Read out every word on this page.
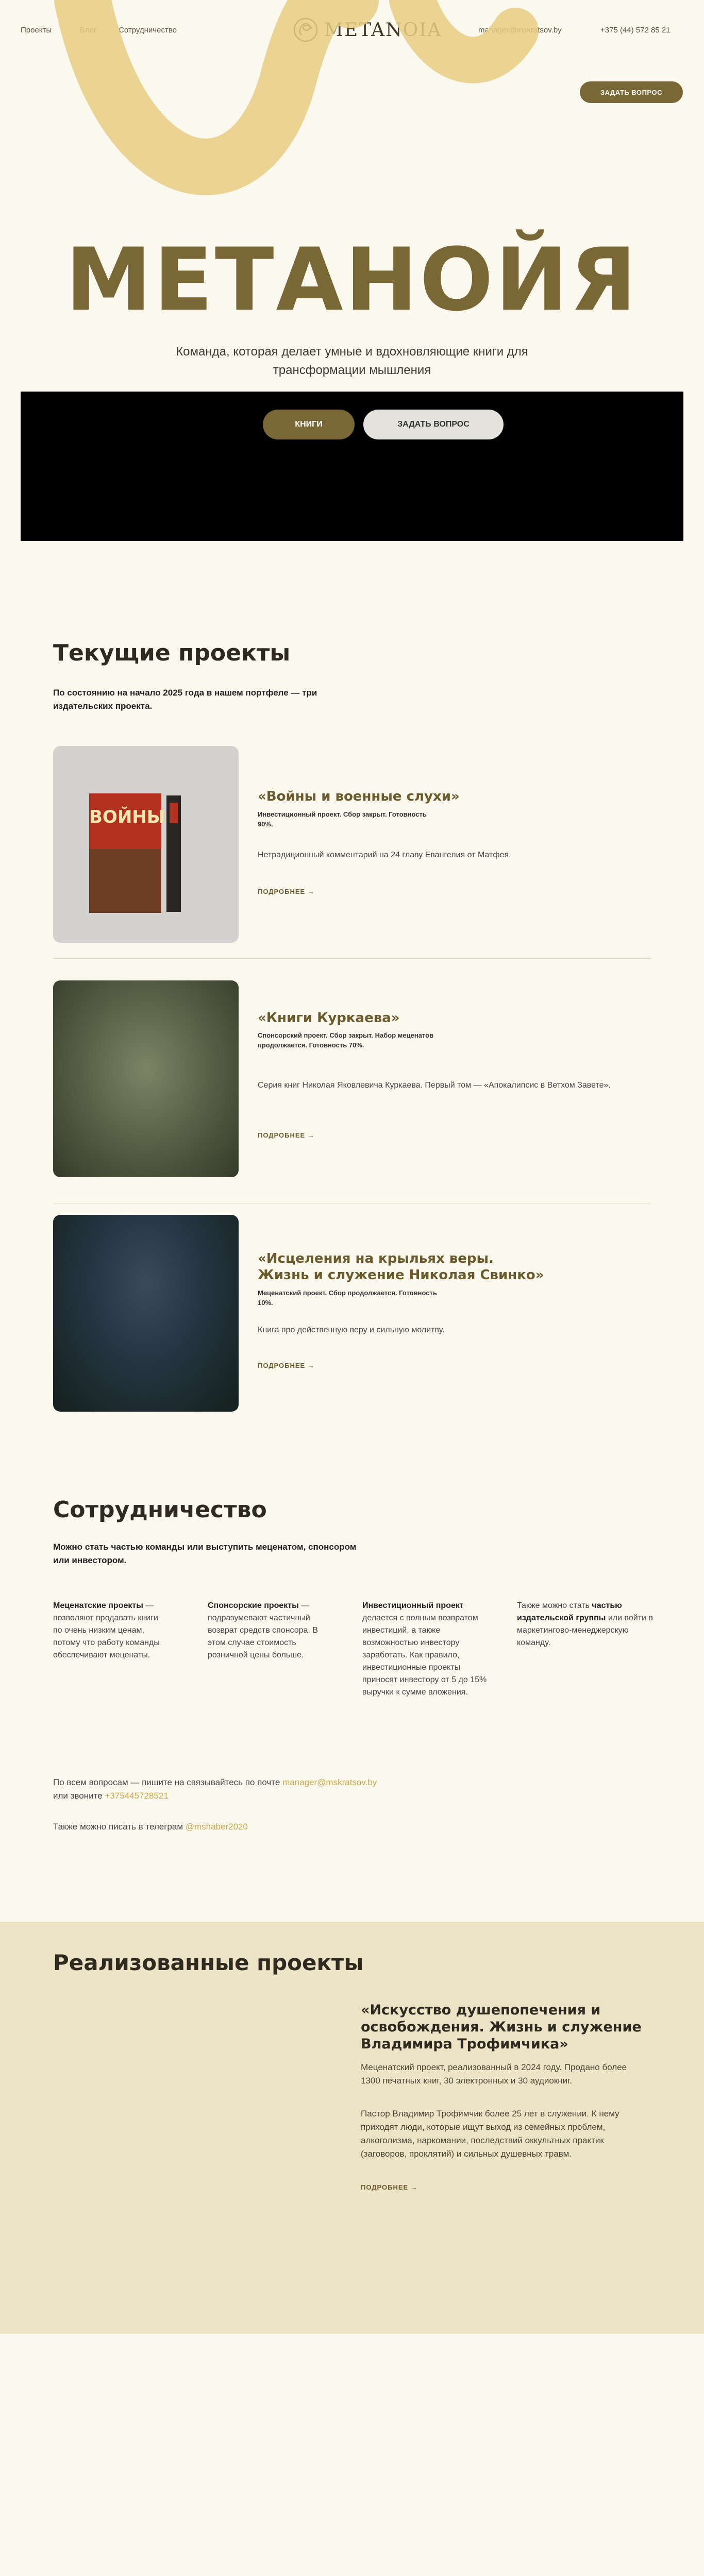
Проекты	Блог	Сотрудничество	METANOIA	manager@mskratsov.by	+375 (44) 572 85 21
ЗАДАТЬ ВОПРОС
МЕТАНОЙЯ
Команда, которая делает умные и вдохновляющие книги для трансформации мышления
КНИГИ	ЗАДАТЬ ВОПРОС
Текущие проекты
По состоянию на начало 2025 года в нашем портфеле — три издательских проекта.
ВОЙНЫ
«Войны и военные слухи»
Инвестиционный проект. Сбор закрыт. Готовность 90%.
Нетрадиционный комментарий на 24 главу Евангелия от Матфея.
ПОДРОБНЕЕ →
«Книги Куркаева»
Спонсорский проект. Сбор закрыт. Набор меценатов продолжается. Готовность 70%.
Серия книг Николая Яковлевича Куркаева. Первый том — «Апокалипсис в Ветхом Завете».
ПОДРОБНЕЕ →
«Исцеления на крыльях веры. Жизнь и служение Николая Свинко»
Меценатский проект. Сбор продолжается. Готовность 10%.
Книга про действенную веру и сильную молитву.
ПОДРОБНЕЕ →
Сотрудничество
Можно стать частью команды или выступить меценатом, спонсором или инвестором.
Меценатские проекты — позволяют продавать книги по очень низким ценам, потому что работу команды обеспечивают меценаты.
Спонсорские проекты — подразумевают частичный возврат средств спонсора. В этом случае стоимость розничной цены больше.
Инвестиционный проект делается с полным возвратом инвестиций, а также возможностью инвестору заработать. Как правило, инвестиционные проекты приносят инвестору от 5 до 15% выручки к сумме вложения.
Также можно стать частью издательской группы или войти в маркетингово-менеджерскую команду.
По всем вопросам — пишите на связывайтесь по почте manager@mskratsov.by
или звоните +375445728521
Также можно писать в телеграм @mshaber2020
Реализованные проекты
«Искусство душепопечения и освобождения. Жизнь и служение Владимира Трофимчика»
Меценатский проект, реализованный в 2024 году. Продано более 1300 печатных книг, 30 электронных и 30 аудиокниг.
Пастор Владимир Трофимчик более 25 лет в служении. К нему приходят люди, которые ищут выход из семейных проблем, алкоголизма, наркомании, последствий оккультных практик (заговоров, проклятий) и сильных душевных травм.
ПОДРОБНЕЕ →
